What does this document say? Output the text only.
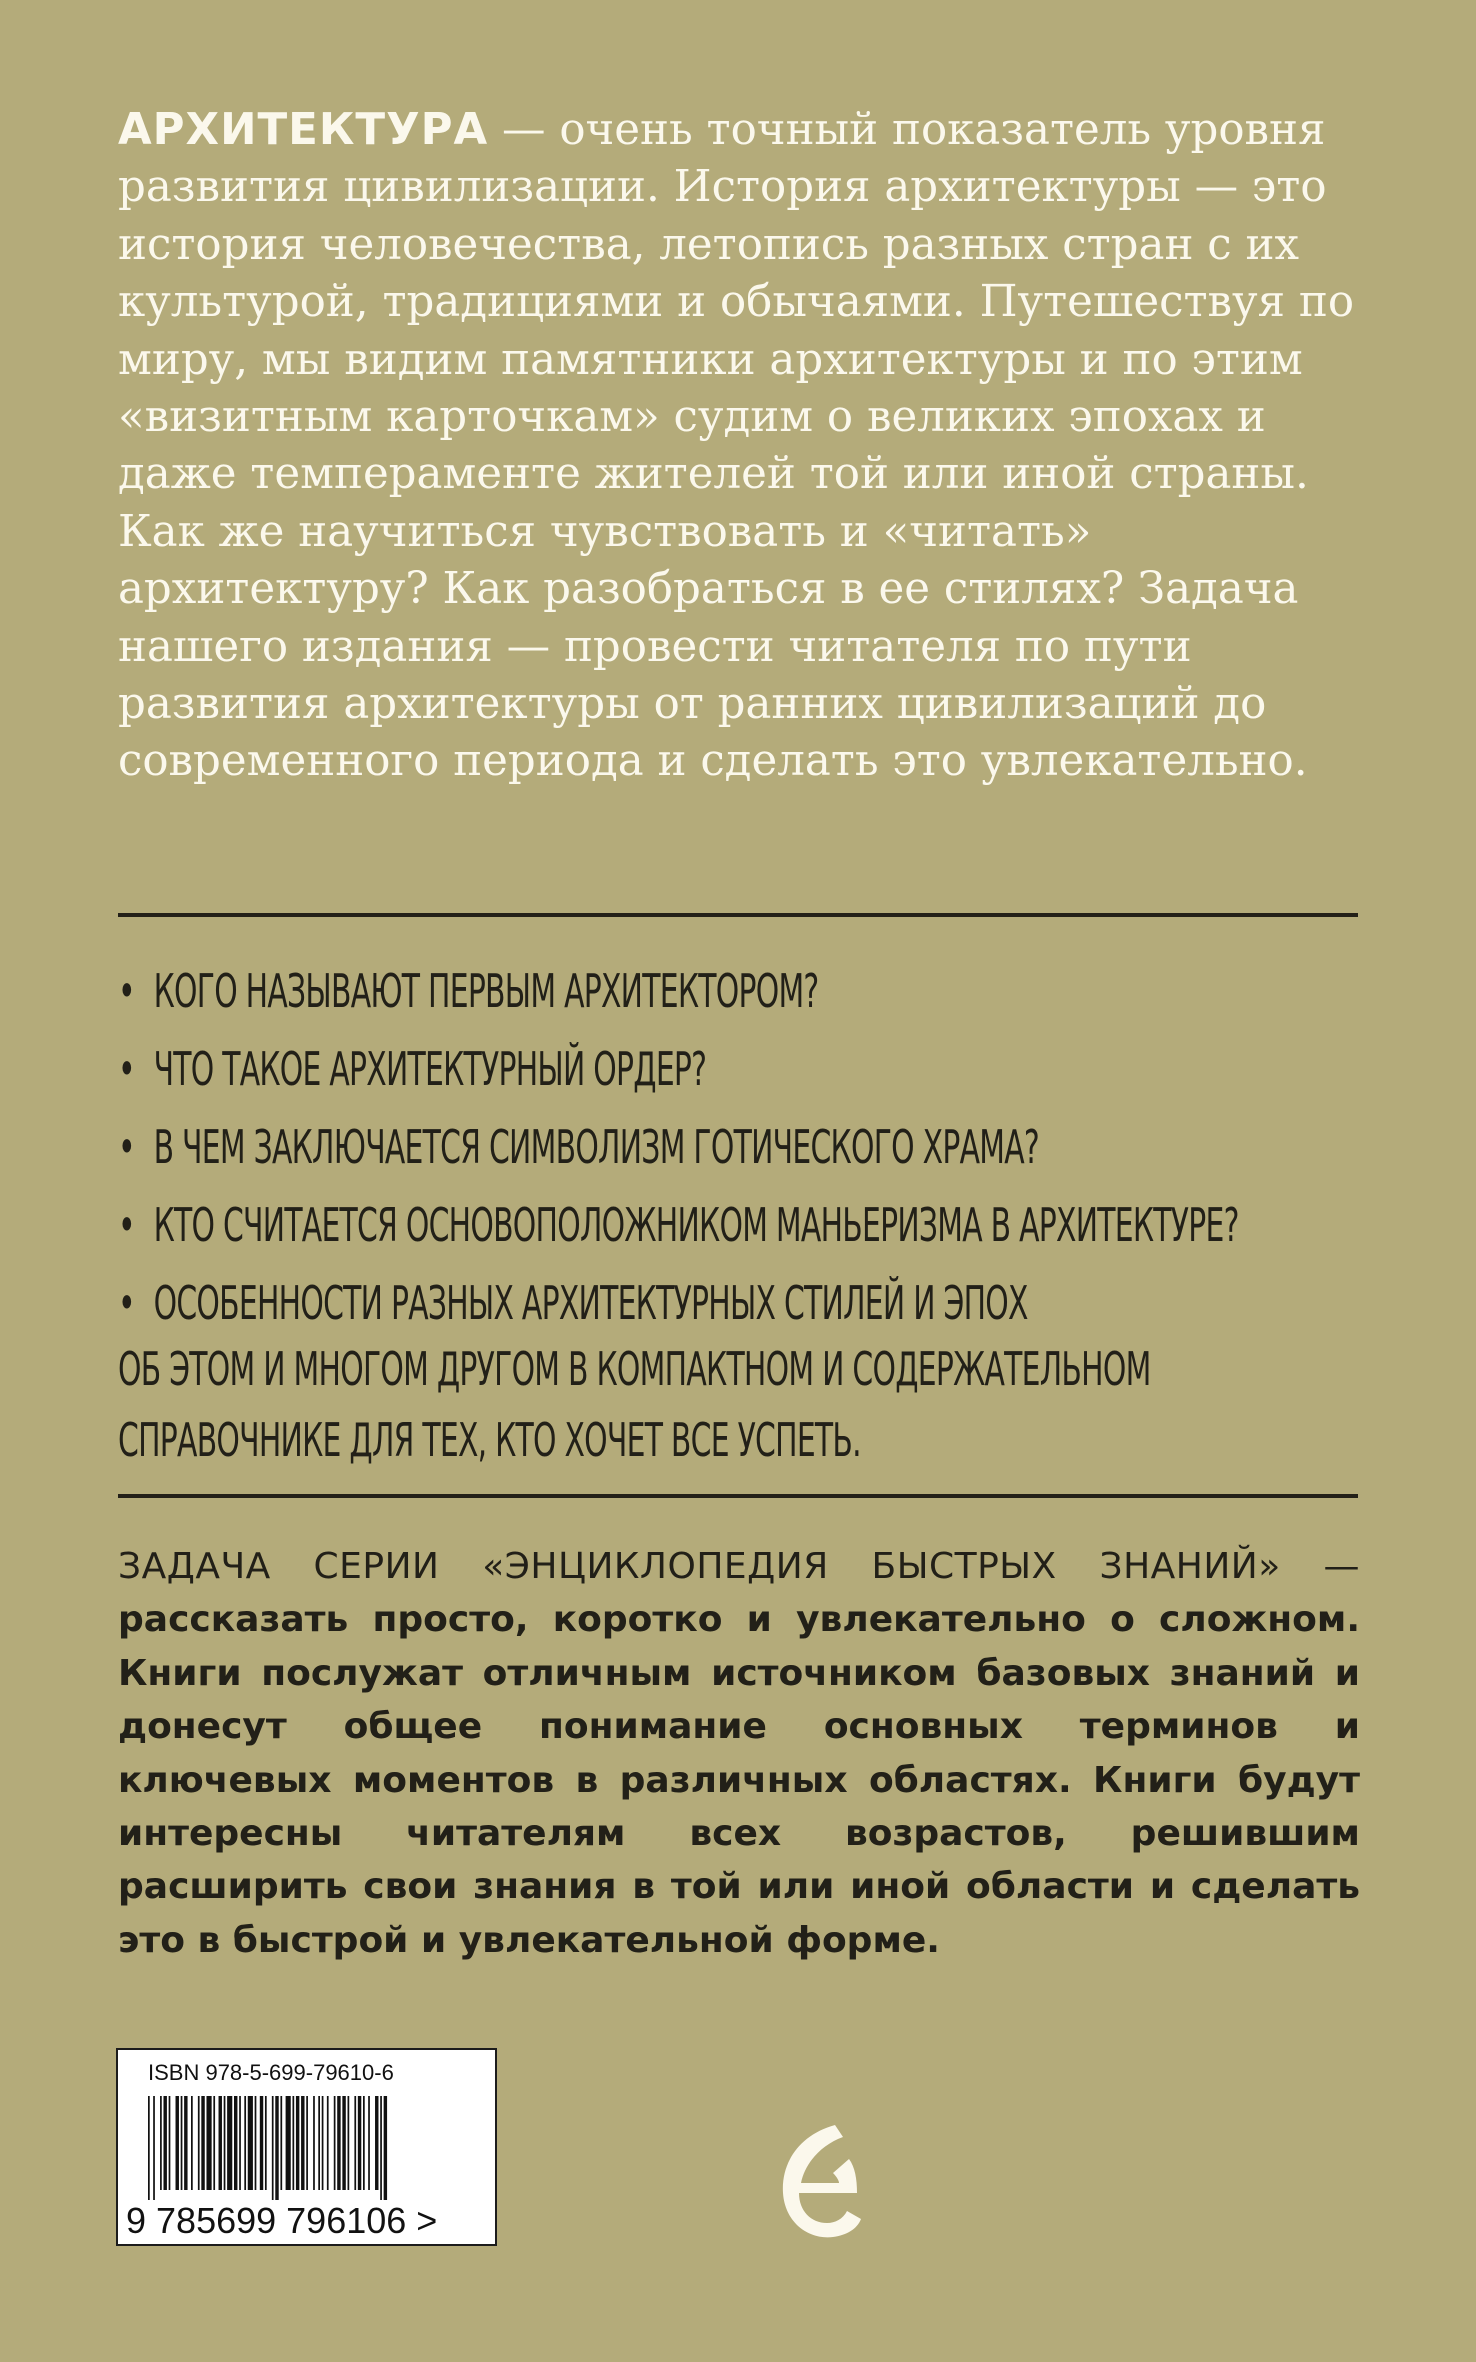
АРХИТЕКТУРА — очень точный показатель уровня развития цивилизации. История архитектуры — это история человечества, летопись разных стран с их культурой, традициями и обычаями. Путешествуя по миру, мы видим памятники архитектуры и по этим «визитным карточкам» судим о великих эпохах и даже темпераменте жителей той или иной страны. Как же научиться чувствовать и «читать» архитектуру? Как разобраться в ее стилях? Задача нашего издания — провести читателя по пути развития архитектуры от ранних цивилизаций до современного периода и сделать это увлекательно.

• КОГО НАЗЫВАЮТ ПЕРВЫМ АРХИТЕКТОРОМ?
• ЧТО ТАКОЕ АРХИТЕКТУРНЫЙ ОРДЕР?
• В ЧЕМ ЗАКЛЮЧАЕТСЯ СИМВОЛИЗМ ГОТИЧЕСКОГО ХРАМА?
• КТО СЧИТАЕТСЯ ОСНОВОПОЛОЖНИКОМ МАНЬЕРИЗМА В АРХИТЕКТУРЕ?
• ОСОБЕННОСТИ РАЗНЫХ АРХИТЕКТУРНЫХ СТИЛЕЙ И ЭПОХ

ОБ ЭТОМ И МНОГОМ ДРУГОМ В КОМПАКТНОМ И СОДЕРЖАТЕЛЬНОМ
СПРАВОЧНИКЕ ДЛЯ ТЕХ, КТО ХОЧЕТ ВСЕ УСПЕТЬ.

ЗАДАЧА СЕРИИ «ЭНЦИКЛОПЕДИЯ БЫСТРЫХ ЗНАНИЙ» — рассказать просто, коротко и увлекательно о сложном. Книги послужат отличным источником базовых знаний и донесут общее понимание основных терминов и ключевых моментов в различных областях. Книги будут интересны читателям всех возрастов, решившим расширить свои знания в той или иной области и сделать это в быстрой и увлекательной форме.

ISBN 978-5-699-79610-6
9 785699 796106 >
